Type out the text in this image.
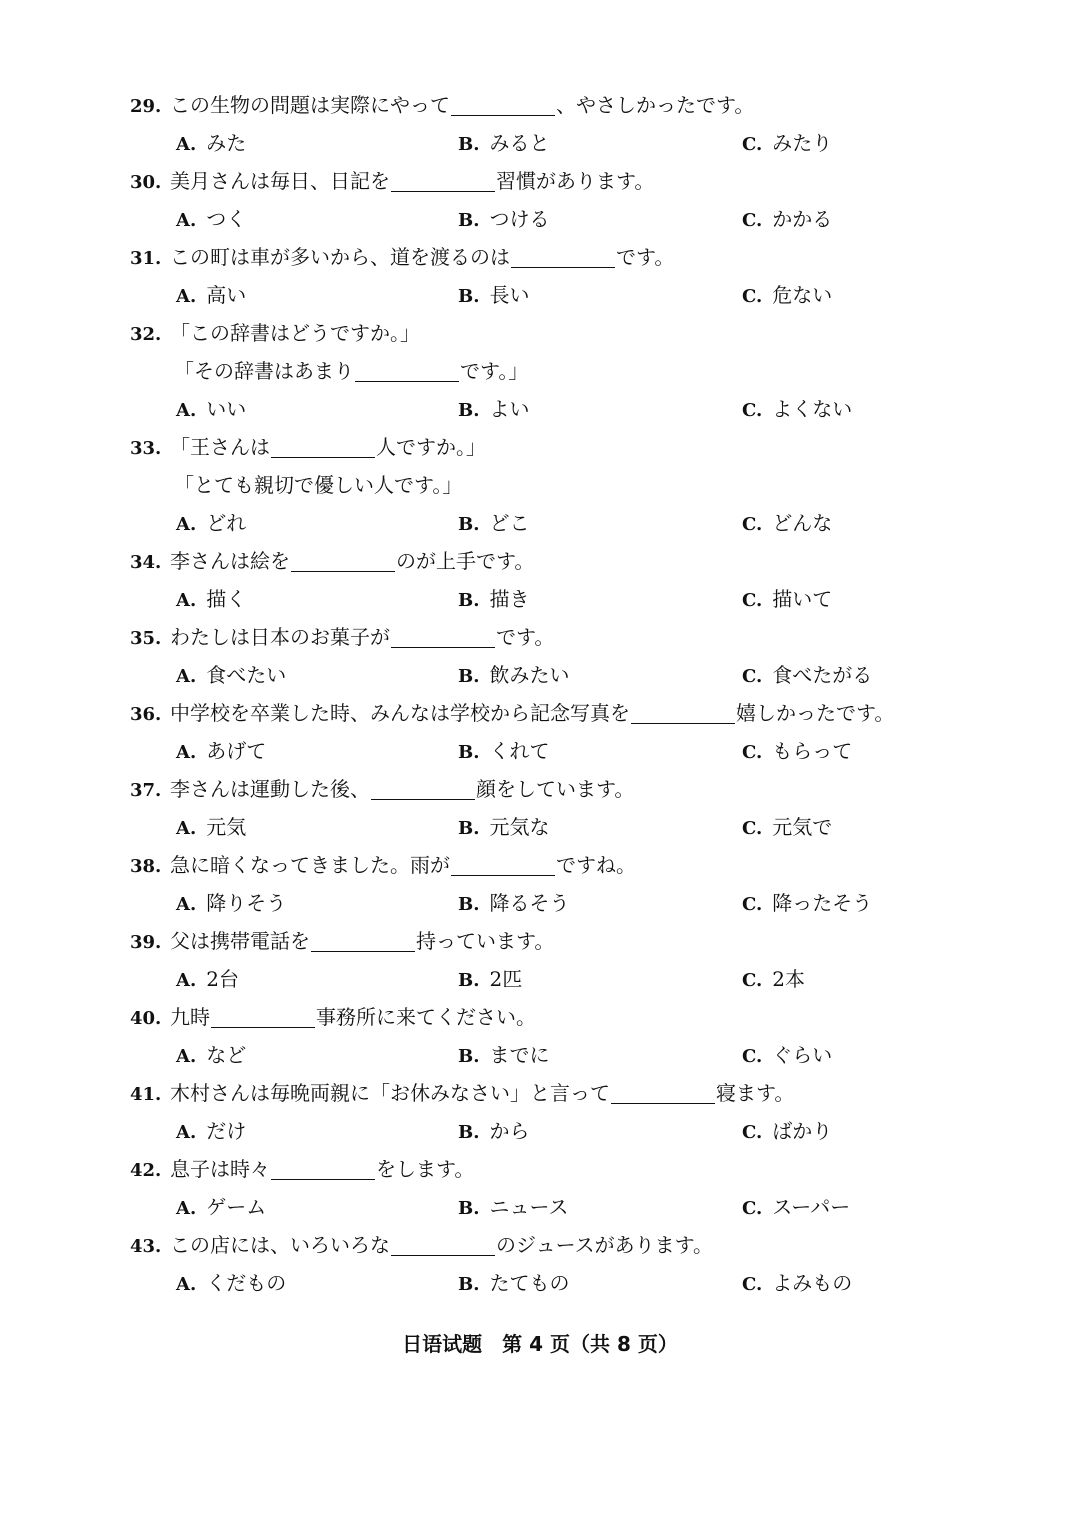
29. この生物の問題は実際にやって	、やさしかったです。
A. みた	B. みると	C. みたり
30. 美月さんは毎日、日記を	習慣があります。
A. つく	B. つける	C. かかる
31. この町は車が多いから、道を渡るのは	です。
A. 高い	B. 長い	C. 危ない
32. 「この辞書はどうですか。」
「その辞書はあまり	です。」
A. いい	B. よい	C. よくない
33. 「王さんは	人ですか。」
「とても親切で優しい人です。」
A. どれ	B. どこ	C. どんな
34. 李さんは絵を	のが上手です。
A. 描く	B. 描き	C. 描いて
35. わたしは日本のお菓子が	です。
A. 食べたい	B. 飲みたい	C. 食べたがる
36. 中学校を卒業した時、みんなは学校から記念写真を	嬉しかったです。
A. あげて	B. くれて	C. もらって
37. 李さんは運動した後、	顔をしています。
A. 元気	B. 元気な	C. 元気で
38. 急に暗くなってきました。雨が	ですね。
A. 降りそう	B. 降るそう	C. 降ったそう
39. 父は携帯電話を	持っています。
A. 2台	B. 2匹	C. 2本
40. 九時	事務所に来てください。
A. など	B. までに	C. ぐらい
41. 木村さんは毎晩両親に「お休みなさい」と言って	寝ます。
A. だけ	B. から	C. ばかり
42. 息子は時々	をします。
A. ゲーム	B. ニュース	C. スーパー
43. この店には、いろいろな	のジュースがあります。
A. くだもの	B. たてもの	C. よみもの
日语试题　第 4 页（共 8 页）
